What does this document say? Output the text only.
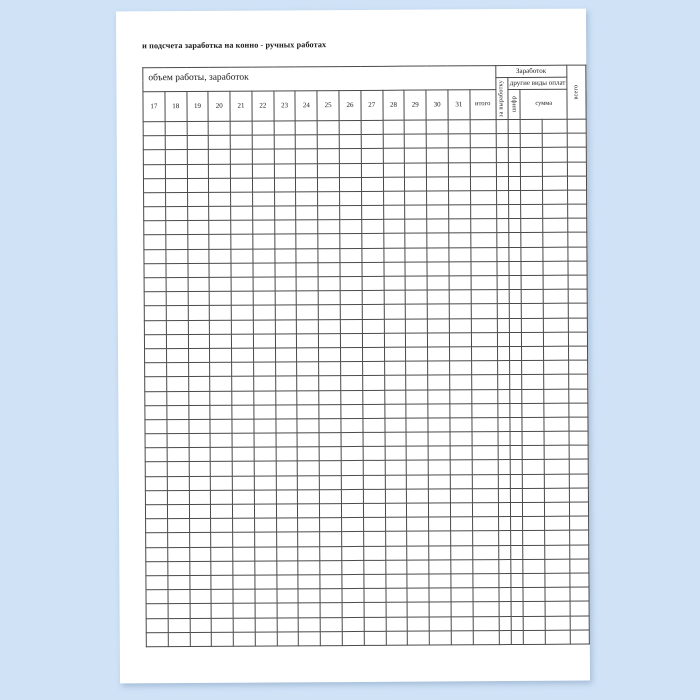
и подсчета заработка на конно - ручных работах
объем работы, заработок																Заработок				всего

																за выработку	другие виды оплат			
17	18	19	20	21	22	23	24	25	26	27	28	29	30	31	итого		шифр	сумма		
